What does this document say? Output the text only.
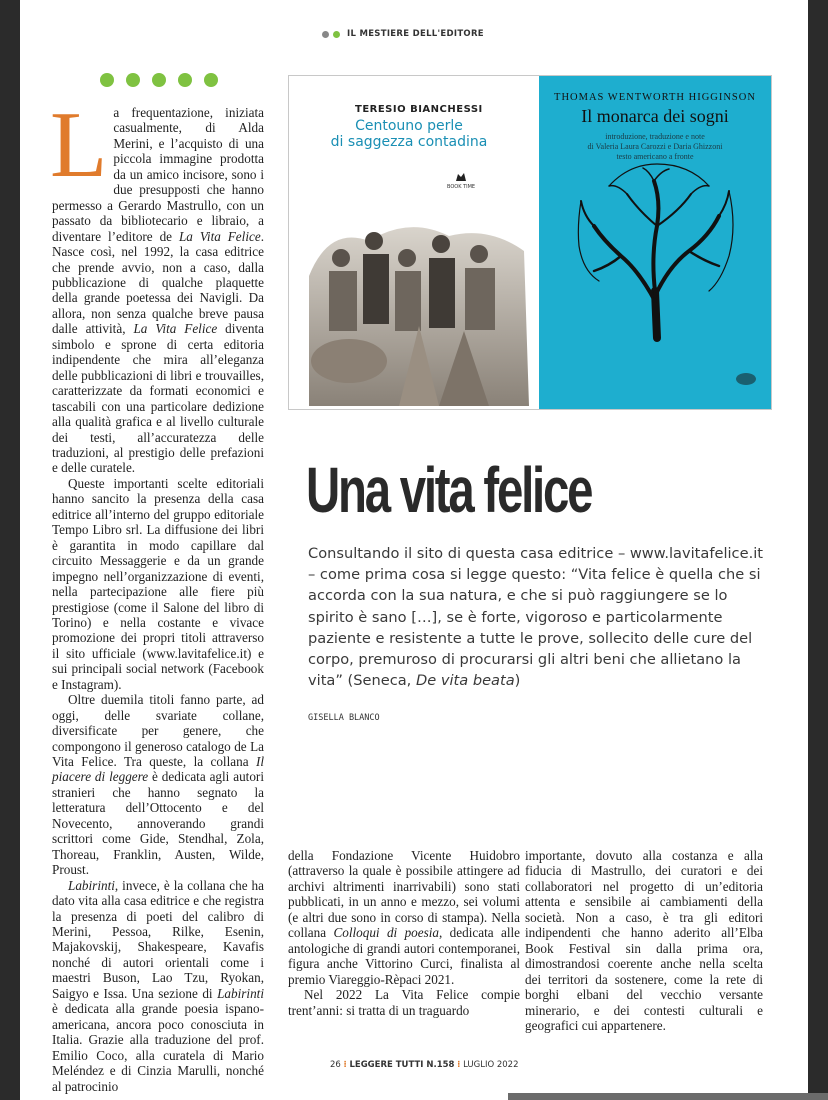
IL MESTIERE DELL'EDITORE

La frequentazione, iniziata casualmente, di Alda Merini, e l’acquisto di una piccola immagine prodotta da un amico incisore, sono i due presupposti che hanno permesso a Gerardo Mastrullo, con un passato da bibliotecario e libraio, a diventare l’editore de La Vita Felice. Nasce così, nel 1992, la casa editrice che prende avvio, non a caso, dalla pubblicazione di qualche plaquette della grande poetessa dei Navigli. Da allora, non senza qualche breve pausa dalle attività, La Vita Felice diventa simbolo e sprone di certa editoria indipendente che mira all’eleganza delle pubblicazioni di libri e trouvailles, caratterizzate da formati economici e tascabili con una particolare dedizione alla qualità grafica e al livello culturale dei testi, all’accuratezza delle traduzioni, al prestigio delle prefazioni e delle curatele.

Queste importanti scelte editoriali hanno sancito la presenza della casa editrice all’interno del gruppo editoriale Tempo Libro srl. La diffusione dei libri è garantita in modo capillare dal circuito Messaggerie e da un grande impegno nell’organizzazione di eventi, nella partecipazione alle fiere più prestigiose (come il Salone del libro di Torino) e nella costante e vivace promozione dei propri titoli attraverso il sito ufficiale (www.lavitafelice.it) e sui principali social network (Facebook e Instagram).

Oltre duemila titoli fanno parte, ad oggi, delle svariate collane, diversificate per genere, che compongono il generoso catalogo de La Vita Felice. Tra queste, la collana Il piacere di leggere è dedicata agli autori stranieri che hanno segnato la letteratura dell’Ottocento e del Novecento, annoverando grandi scrittori come Gide, Stendhal, Zola, Thoreau, Franklin, Austen, Wilde, Proust.

Labirinti, invece, è la collana che ha dato vita alla casa editrice e che registra la presenza di poeti del calibro di Merini, Pessoa, Rilke, Esenin, Majakovskij, Shakespeare, Kavafis nonché di autori orientali come i maestri Buson, Lao Tzu, Ryokan, Saigyo e Issa. Una sezione di Labirinti è dedicata alla grande poesia ispano-americana, ancora poco conosciuta in Italia. Grazie alla traduzione del prof. Emilio Coco, alla curatela di Mario Meléndez e di Cinzia Marulli, nonché al patrocinio

TERESIO BIANCHESSI
Centouno perle
di saggezza contadina
BOOK TIME
THOMAS WENTWORTH HIGGINSON
Il monarca dei sogni
introduzione, traduzione e note
di Valeria Laura Carozzi e Daria Ghizzoni
testo americano a fronte
Una vita felice
Consultando il sito di questa casa editrice – www.lavitafelice.it – come prima cosa si legge questo: “Vita felice è quella che si accorda con la sua natura, e che si può raggiungere se lo spirito è sano […], se è forte, vigoroso e particolarmente paziente e resistente a tutte le prove, sollecito delle cure del corpo, premuroso di procurarsi gli altri beni che allietano la vita” (Seneca, De vita beata)
GISELLA BLANCO

della Fondazione Vicente Huidobro (attraverso la quale è possibile attingere ad archivi altrimenti inarrivabili) sono stati pubblicati, in un anno e mezzo, sei volumi (e altri due sono in corso di stampa). Nella collana Colloqui di poesia, dedicata alle antologiche di grandi autori contemporanei, figura anche Vittorino Curci, finalista al premio Viareggio-Rèpaci 2021.

Nel 2022 La Vita Felice compie trent’anni: si tratta di un traguardo

importante, dovuto alla costanza e alla fiducia di Mastrullo, dei curatori e dei collaboratori nel progetto di un’editoria attenta e sensibile ai cambiamenti della società. Non a caso, è tra gli editori indipendenti che hanno aderito all’Elba Book Festival sin dalla prima ora, dimostrandosi coerente anche nella scelta dei territori da sostenere, come la rete di borghi elbani del vecchio versante minerario, e dei contesti culturali e geografici cui appartenere.

26 ⁝ LEGGERE TUTTI N.158 ⁝ LUGLIO 2022
